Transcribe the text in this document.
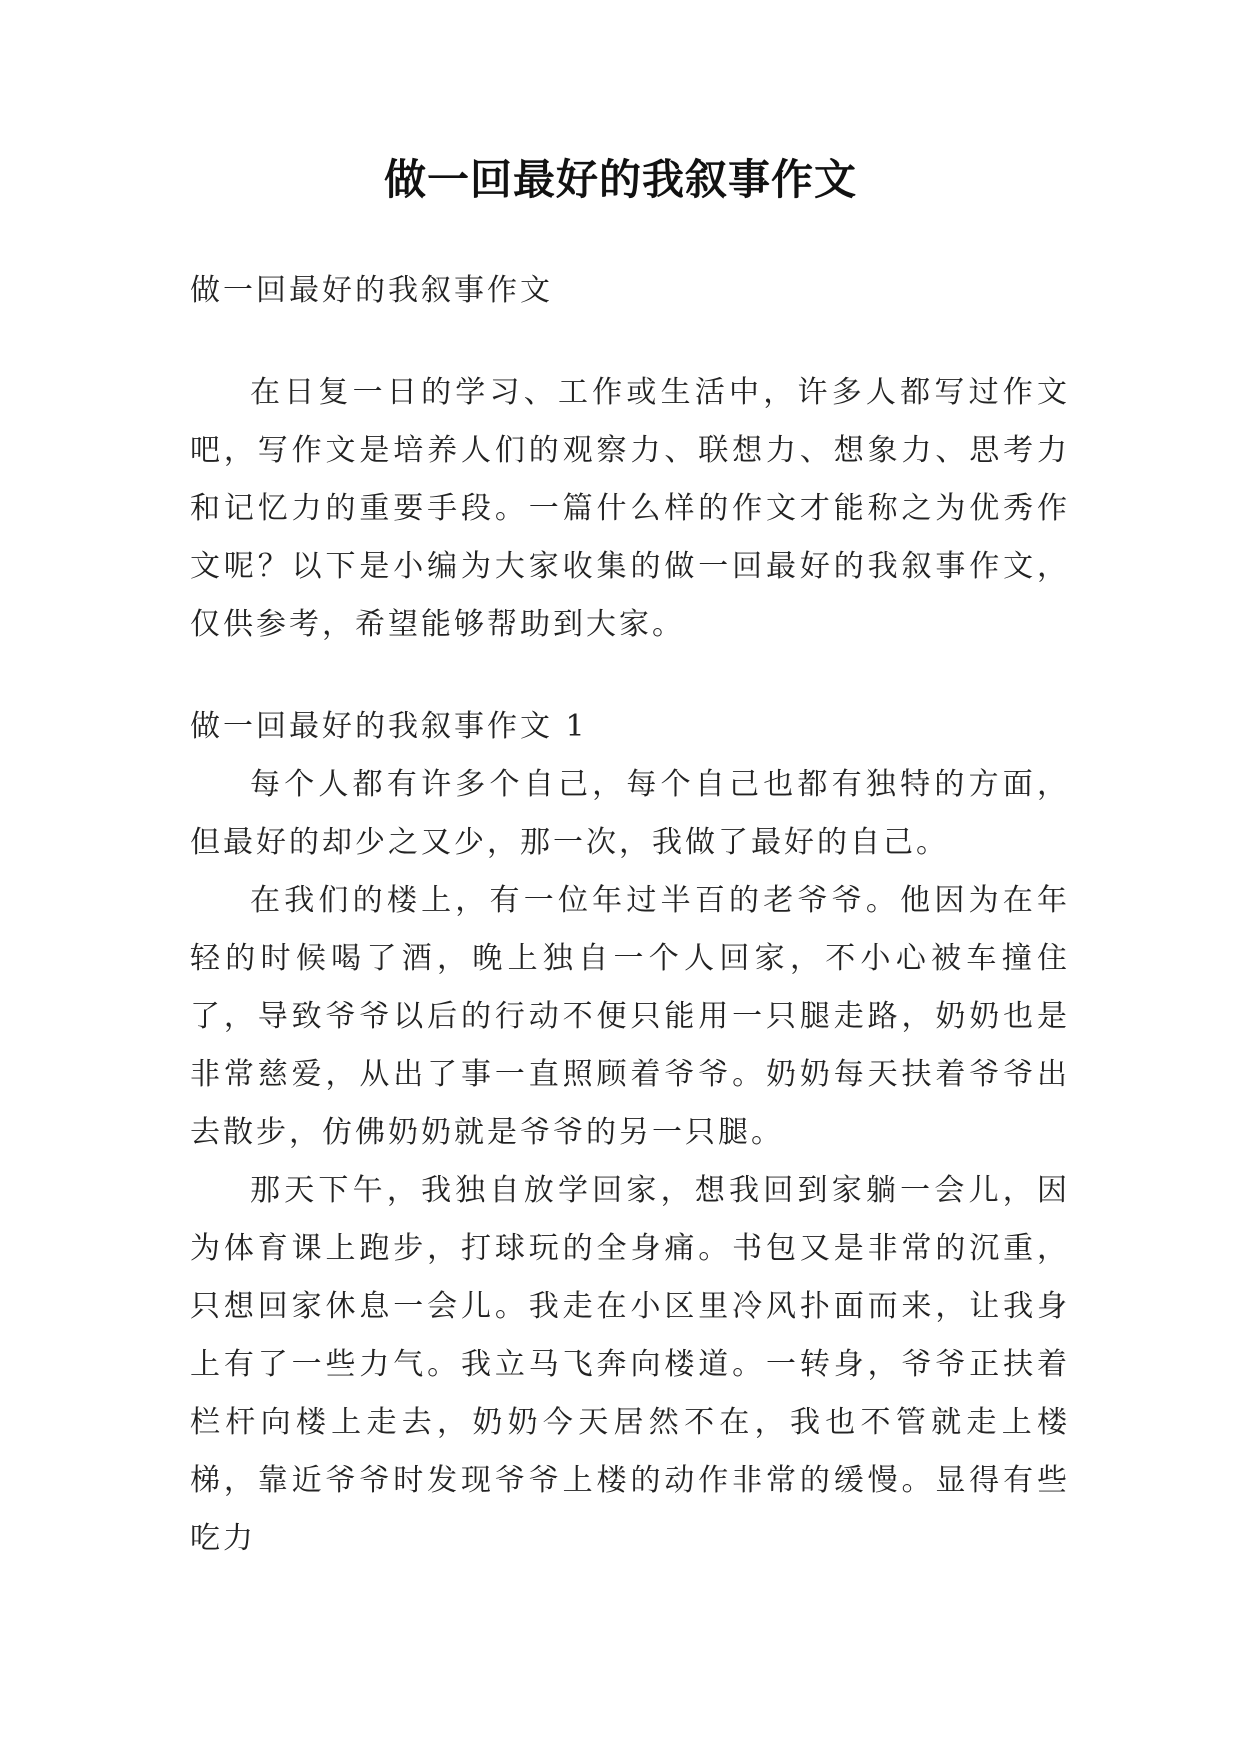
做一回最好的我叙事作文

做一回最好的我叙事作文

在日复一日的学习、工作或生活中，许多人都写过作文吧，写作文是培养人们的观察力、联想力、想象力、思考力和记忆力的重要手段。一篇什么样的作文才能称之为优秀作文呢？以下是小编为大家收集的做一回最好的我叙事作文，仅供参考，希望能够帮助到大家。

做一回最好的我叙事作文 1

每个人都有许多个自己，每个自己也都有独特的方面，但最好的却少之又少，那一次，我做了最好的自己。

在我们的楼上，有一位年过半百的老爷爷。他因为在年轻的时候喝了酒，晚上独自一个人回家，不小心被车撞住了，导致爷爷以后的行动不便只能用一只腿走路，奶奶也是非常慈爱，从出了事一直照顾着爷爷。奶奶每天扶着爷爷出去散步，仿佛奶奶就是爷爷的另一只腿。

那天下午，我独自放学回家，想我回到家躺一会儿，因为体育课上跑步，打球玩的全身痛。书包又是非常的沉重，只想回家休息一会儿。我走在小区里冷风扑面而来，让我身上有了一些力气。我立马飞奔向楼道。一转身，爷爷正扶着栏杆向楼上走去，奶奶今天居然不在，我也不管就走上楼梯，靠近爷爷时发现爷爷上楼的动作非常的缓慢。显得有些吃力
